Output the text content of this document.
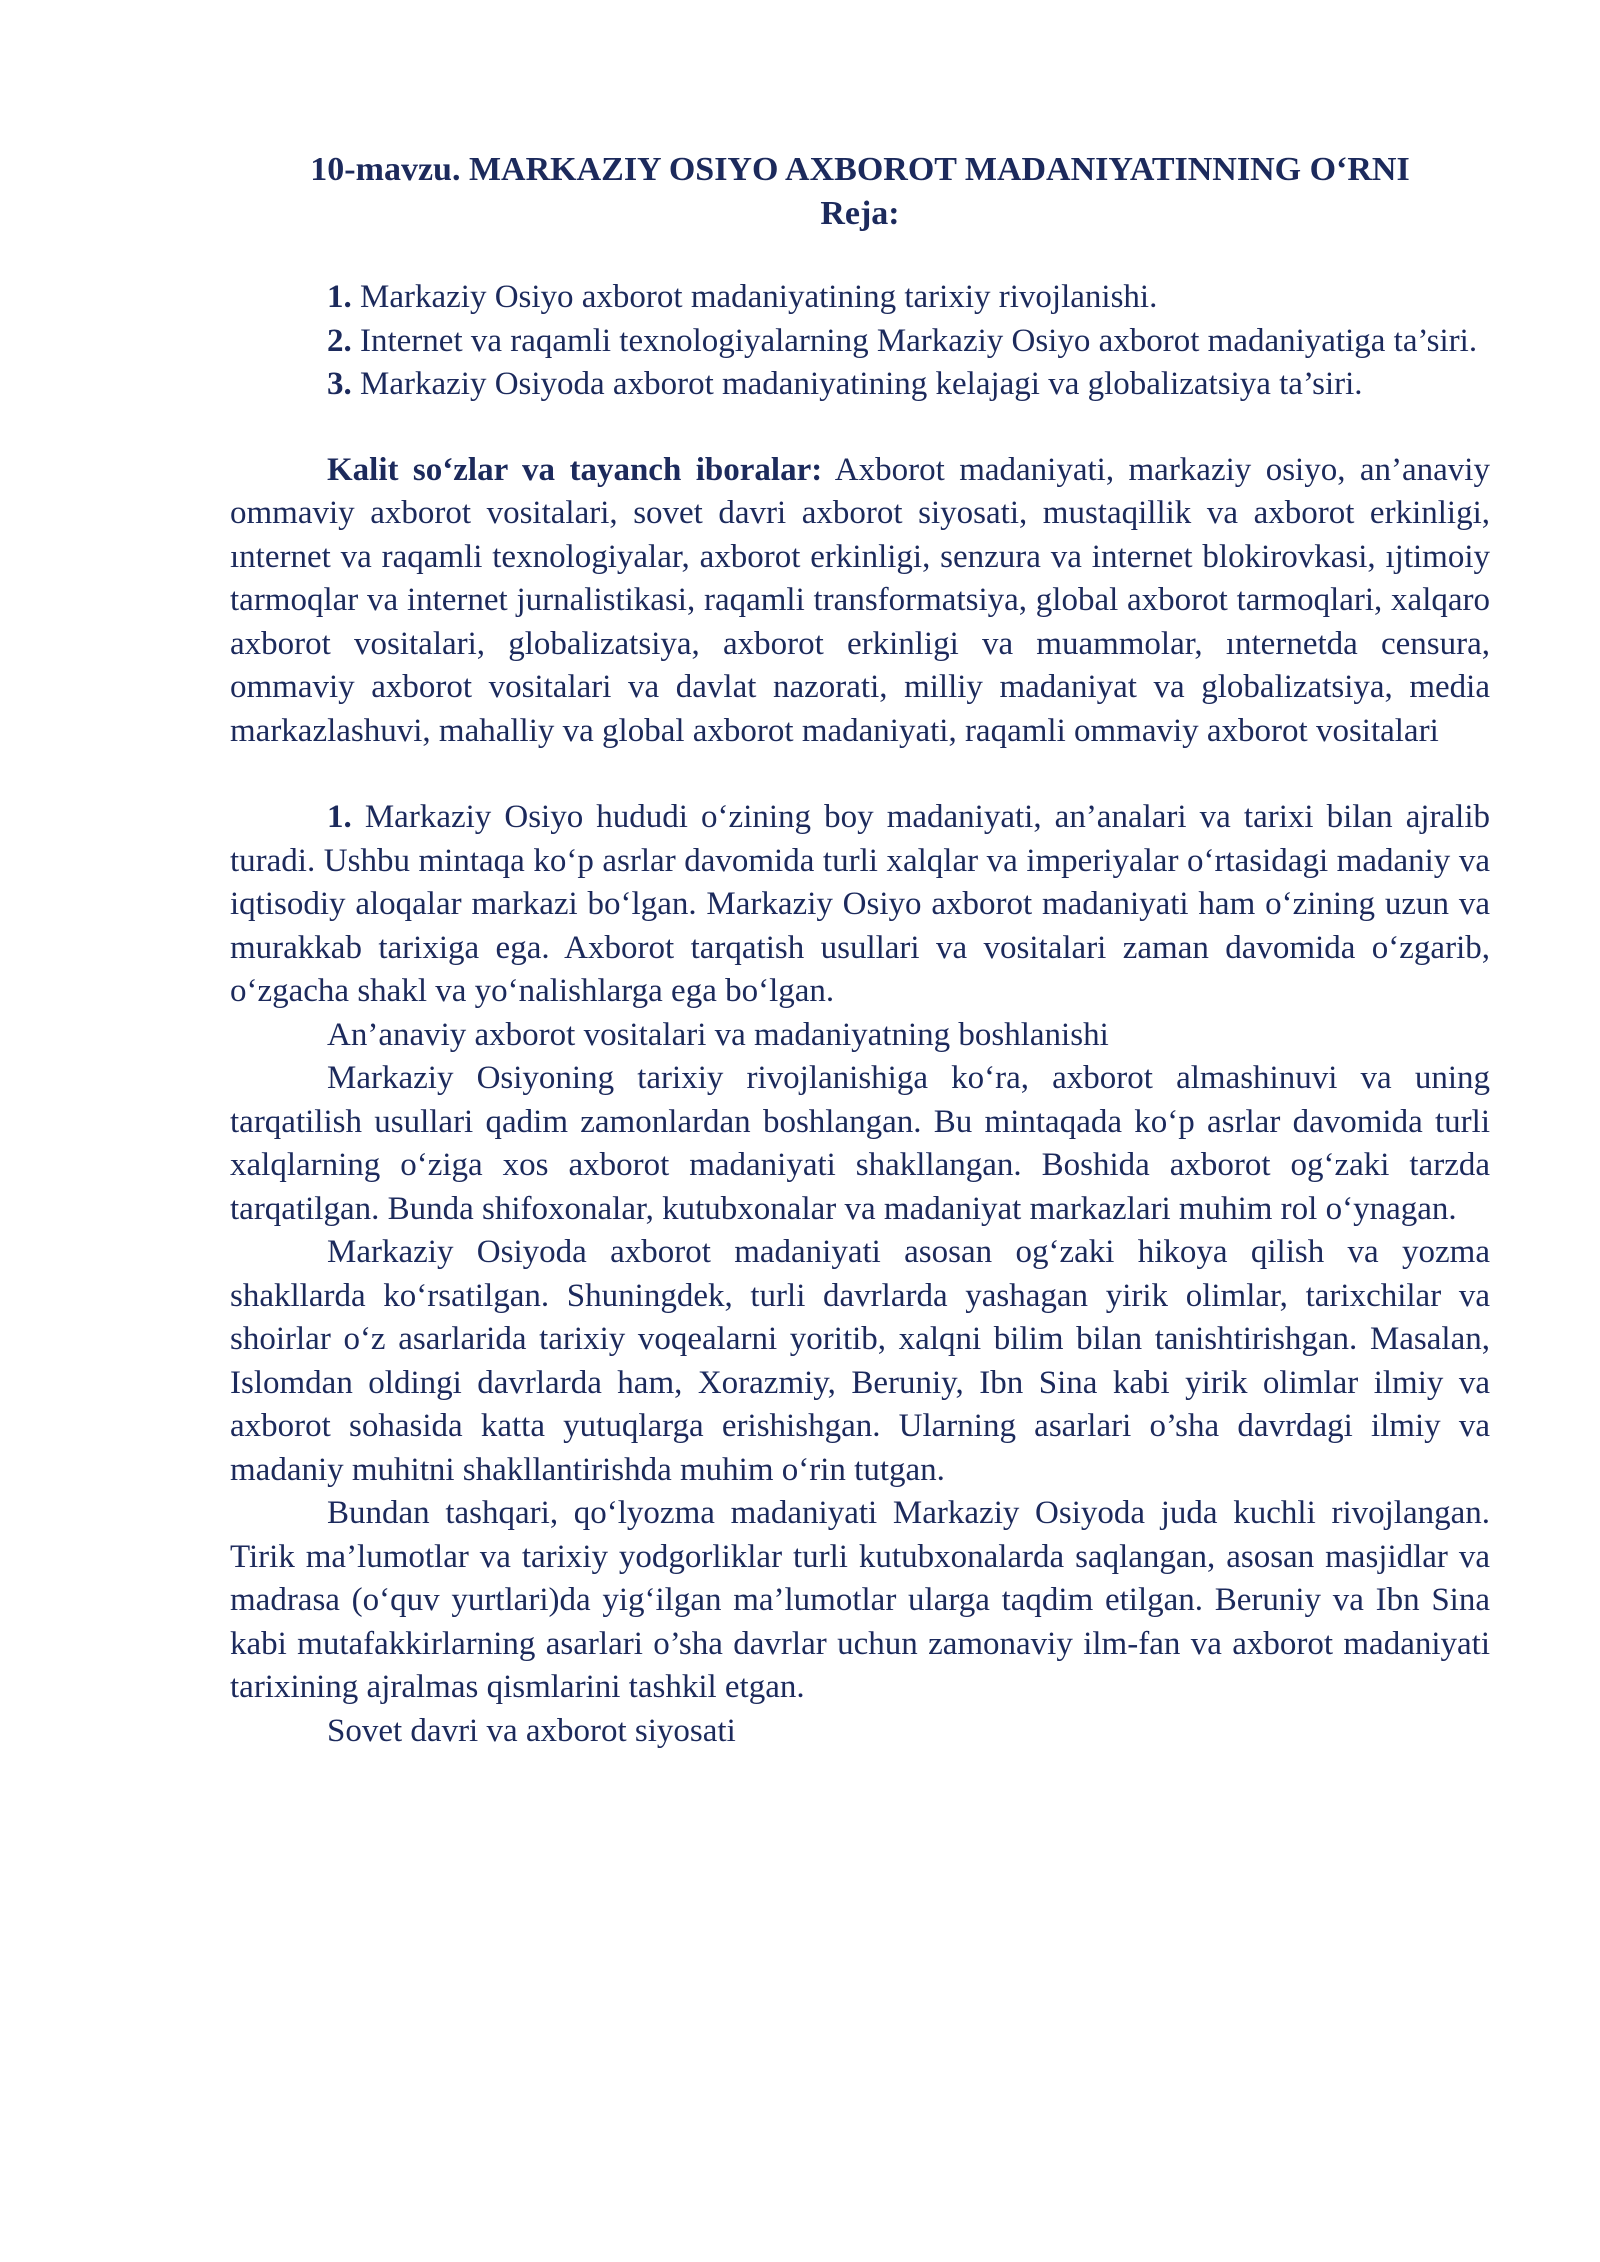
10-mavzu. MARKAZIY OSIYO AXBOROT MADANIYATINNING O‘RNI
Reja:

1. Markaziy Osiyo axborot madaniyatining tarixiy rivojlanishi.

2. Internet va raqamli texnologiyalarning Markaziy Osiyo axborot madaniyatiga ta’siri.

3. Markaziy Osiyoda axborot madaniyatining kelajagi va globalizatsiya ta’siri.

Kalit so‘zlar va tayanch iboralar: Axborot madaniyati, markaziy osiyo, an’anaviy ommaviy axborot vositalari, sovet davri axborot siyosati, mustaqillik va axborot erkinligi, ınternet va raqamli texnologiyalar, axborot erkinligi, senzura va internet blokirovkasi, ıjtimoiy tarmoqlar va internet jurnalistikasi, raqamli transformatsiya, global axborot tarmoqlari, xalqaro axborot vositalari, globalizatsiya, axborot erkinligi va muammolar, ınternetda censura, ommaviy axborot vositalari va davlat nazorati, milliy madaniyat va globalizatsiya, media markazlashuvi, mahalliy va global axborot madaniyati, raqamli ommaviy axborot vositalari

1. Markaziy Osiyo hududi o‘zining boy madaniyati, an’analari va tarixi bilan ajralib turadi. Ushbu mintaqa ko‘p asrlar davomida turli xalqlar va imperiyalar o‘rtasidagi madaniy va iqtisodiy aloqalar markazi bo‘lgan. Markaziy Osiyo axborot madaniyati ham o‘zining uzun va murakkab tarixiga ega. Axborot tarqatish usullari va vositalari zaman davomida o‘zgarib, o‘zgacha shakl va yo‘nalishlarga ega bo‘lgan.

An’anaviy axborot vositalari va madaniyatning boshlanishi

Markaziy Osiyoning tarixiy rivojlanishiga ko‘ra, axborot almashinuvi va uning tarqatilish usullari qadim zamonlardan boshlangan. Bu mintaqada ko‘p asrlar davomida turli xalqlarning o‘ziga xos axborot madaniyati shakllangan. Boshida axborot og‘zaki tarzda tarqatilgan. Bunda shifoxonalar, kutubxonalar va madaniyat markazlari muhim rol o‘ynagan.

Markaziy Osiyoda axborot madaniyati asosan og‘zaki hikoya qilish va yozma shakllarda ko‘rsatilgan. Shuningdek, turli davrlarda yashagan yirik olimlar, tarixchilar va shoirlar o‘z asarlarida tarixiy voqealarni yoritib, xalqni bilim bilan tanishtirishgan. Masalan, Islomdan oldingi davrlarda ham, Xorazmiy, Beruniy, Ibn Sina kabi yirik olimlar ilmiy va axborot sohasida katta yutuqlarga erishishgan. Ularning asarlari o’sha davrdagi ilmiy va madaniy muhitni shakllantirishda muhim o‘rin tutgan.

Bundan tashqari, qo‘lyozma madaniyati Markaziy Osiyoda juda kuchli rivojlangan. Tirik ma’lumotlar va tarixiy yodgorliklar turli kutubxonalarda saqlangan, asosan masjidlar va madrasa (o‘quv yurtlari)da yig‘ilgan ma’lumotlar ularga taqdim etilgan. Beruniy va Ibn Sina kabi mutafakkirlarning asarlari o’sha davrlar uchun zamonaviy ilm-fan va axborot madaniyati tarixining ajralmas qismlarini tashkil etgan.

Sovet davri va axborot siyosati
